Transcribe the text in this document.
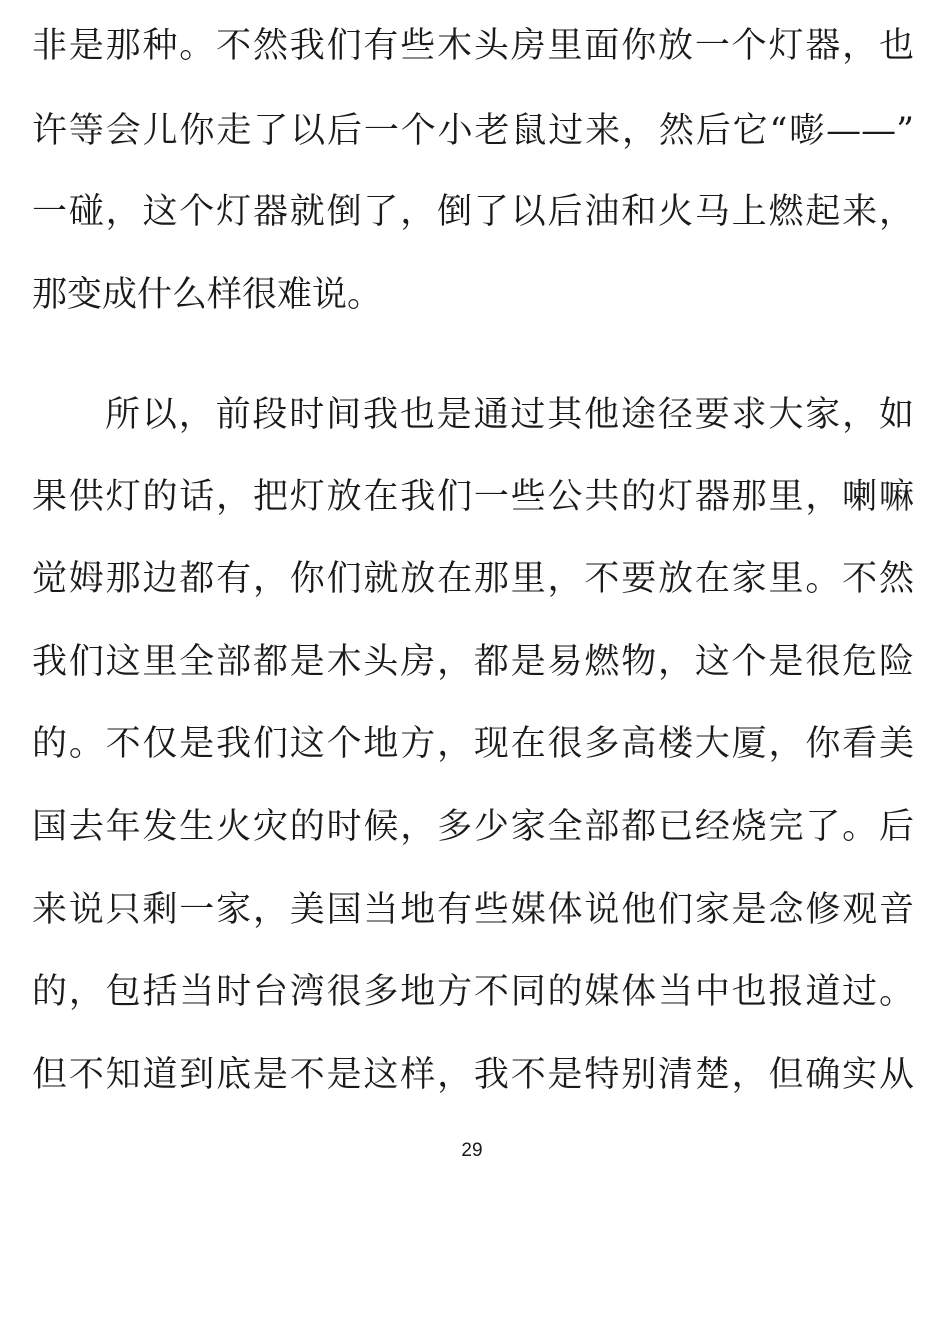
非是那种。不然我们有些木头房里面你放一个灯器，也
许等会儿你走了以后一个小老鼠过来，然后它“嘭——”
一碰，这个灯器就倒了，倒了以后油和火马上燃起来，
那变成什么样很难说。
所以，前段时间我也是通过其他途径要求大家，如
果供灯的话，把灯放在我们一些公共的灯器那里，喇嘛
觉姆那边都有，你们就放在那里，不要放在家里。不然
我们这里全部都是木头房，都是易燃物，这个是很危险
的。不仅是我们这个地方，现在很多高楼大厦，你看美
国去年发生火灾的时候，多少家全部都已经烧完了。后
来说只剩一家，美国当地有些媒体说他们家是念修观音
的，包括当时台湾很多地方不同的媒体当中也报道过。
但不知道到底是不是这样，我不是特别清楚，但确实从
29
